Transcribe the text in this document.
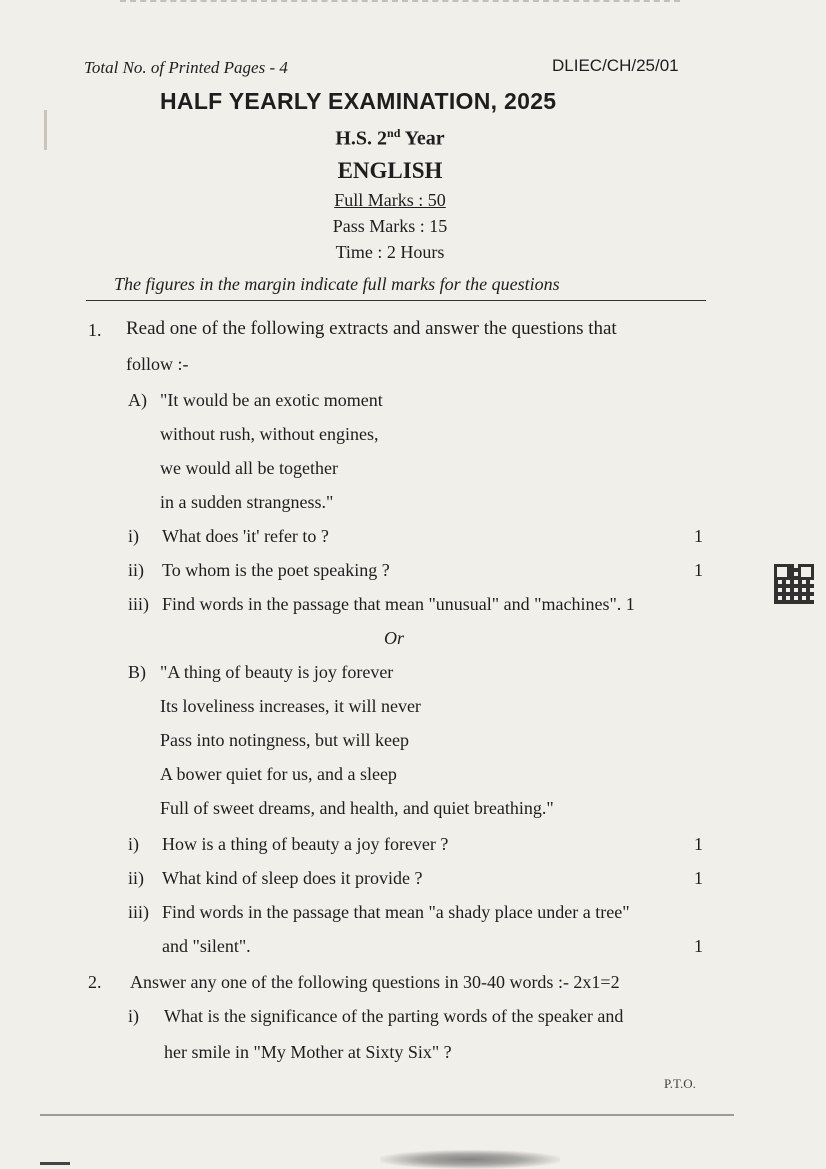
Total No. of Printed Pages - 4	DLIEC/CH/25/01
HALF YEARLY EXAMINATION, 2025
H.S. 2nd Year
ENGLISH
Full Marks : 50
Pass Marks : 15
Time : 2 Hours
The figures in the margin indicate full marks for the questions
1. Read one of the following extracts and answer the questions that
follow :-
A) "It would be an exotic moment
without rush, without engines,
we would all be together
in a sudden strangness."
i) What does 'it' refer to ?	1
ii) To whom is the poet speaking ?	1
iii) Find words in the passage that mean "unusual" and "machines". 1
Or
B) "A thing of beauty is joy forever
Its loveliness increases, it will never
Pass into notingness, but will keep
A bower quiet for us, and a sleep
Full of sweet dreams, and health, and quiet breathing."
i) How is a thing of beauty a joy forever ?	1
ii) What kind of sleep does it provide ?	1
iii) Find words in the passage that mean "a shady place under a tree"
and "silent".	1
2. Answer any one of the following questions in 30-40 words :- 2x1=2
i) What is the significance of the parting words of the speaker and
her smile in "My Mother at Sixty Six" ?
P.T.O.
